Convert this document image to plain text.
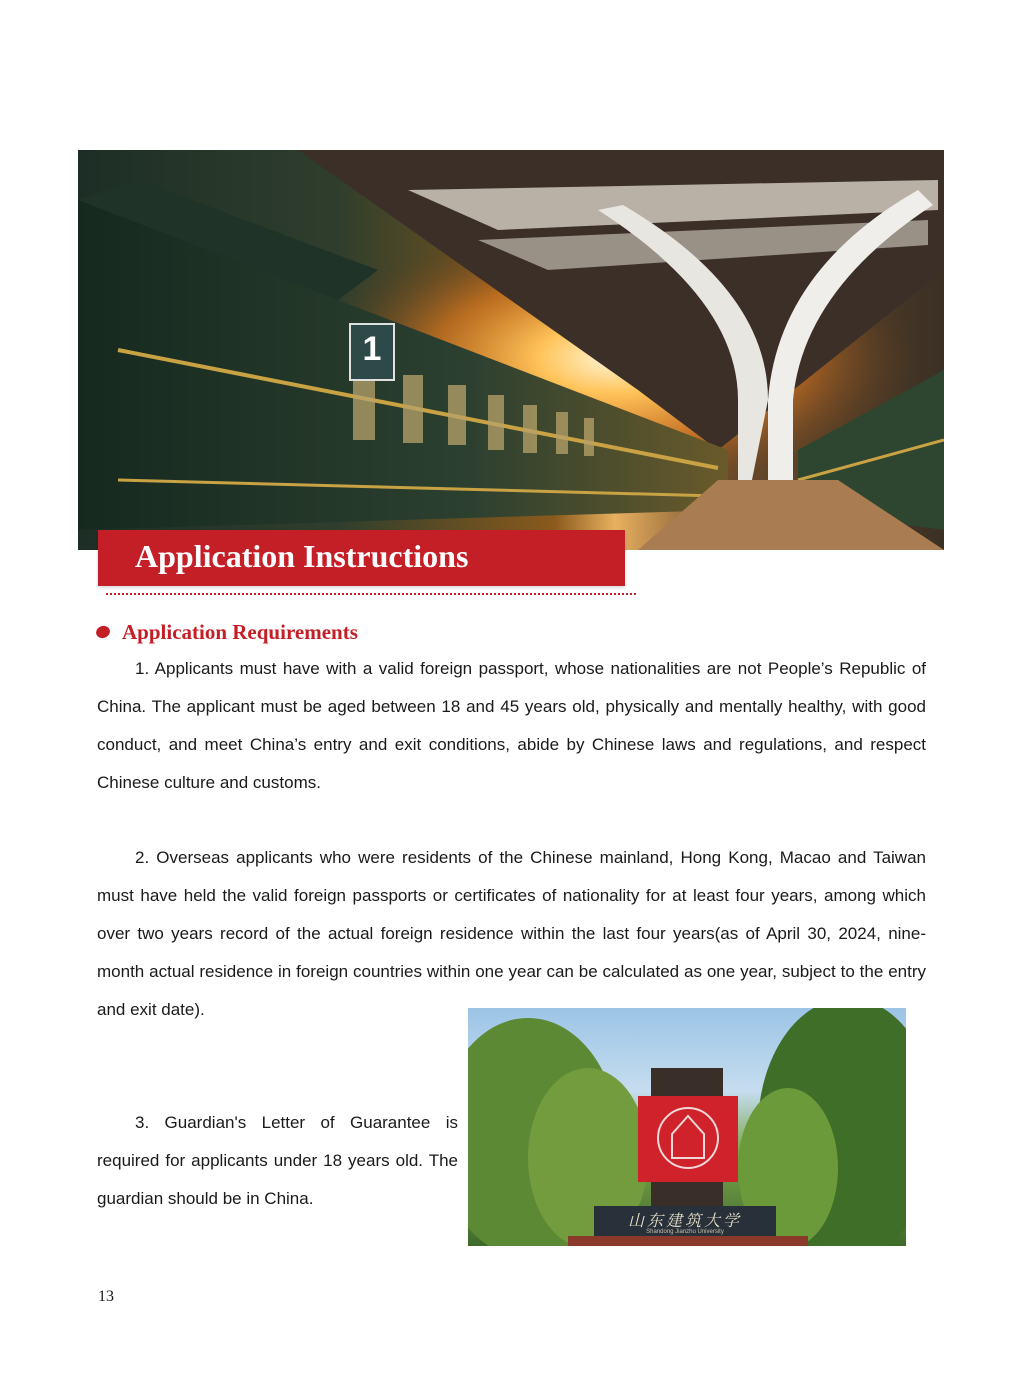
1
Application Instructions
Application Requirements

1. Applicants must have with a valid foreign passport, whose nationalities are not People’s Republic of China. The applicant must be aged between 18 and 45 years old, physically and mentally healthy, with good conduct, and meet China’s entry and exit conditions, abide by Chinese laws and regulations, and respect Chinese culture and customs.

2. Overseas applicants who were residents of the Chinese mainland, Hong Kong, Macao and Taiwan must have held the valid foreign passports or certificates of nationality for at least four years, among which over two years record of the actual foreign residence within the last four years(as of April 30, 2024, nine-month actual residence in foreign countries within one year can be calculated as one year, subject to the entry and exit date).

3. Guardian's Letter of Guarantee is required for applicants under 18 years old. The guardian should be in China.

山东建筑大学
Shandong Jianzhu University
13
